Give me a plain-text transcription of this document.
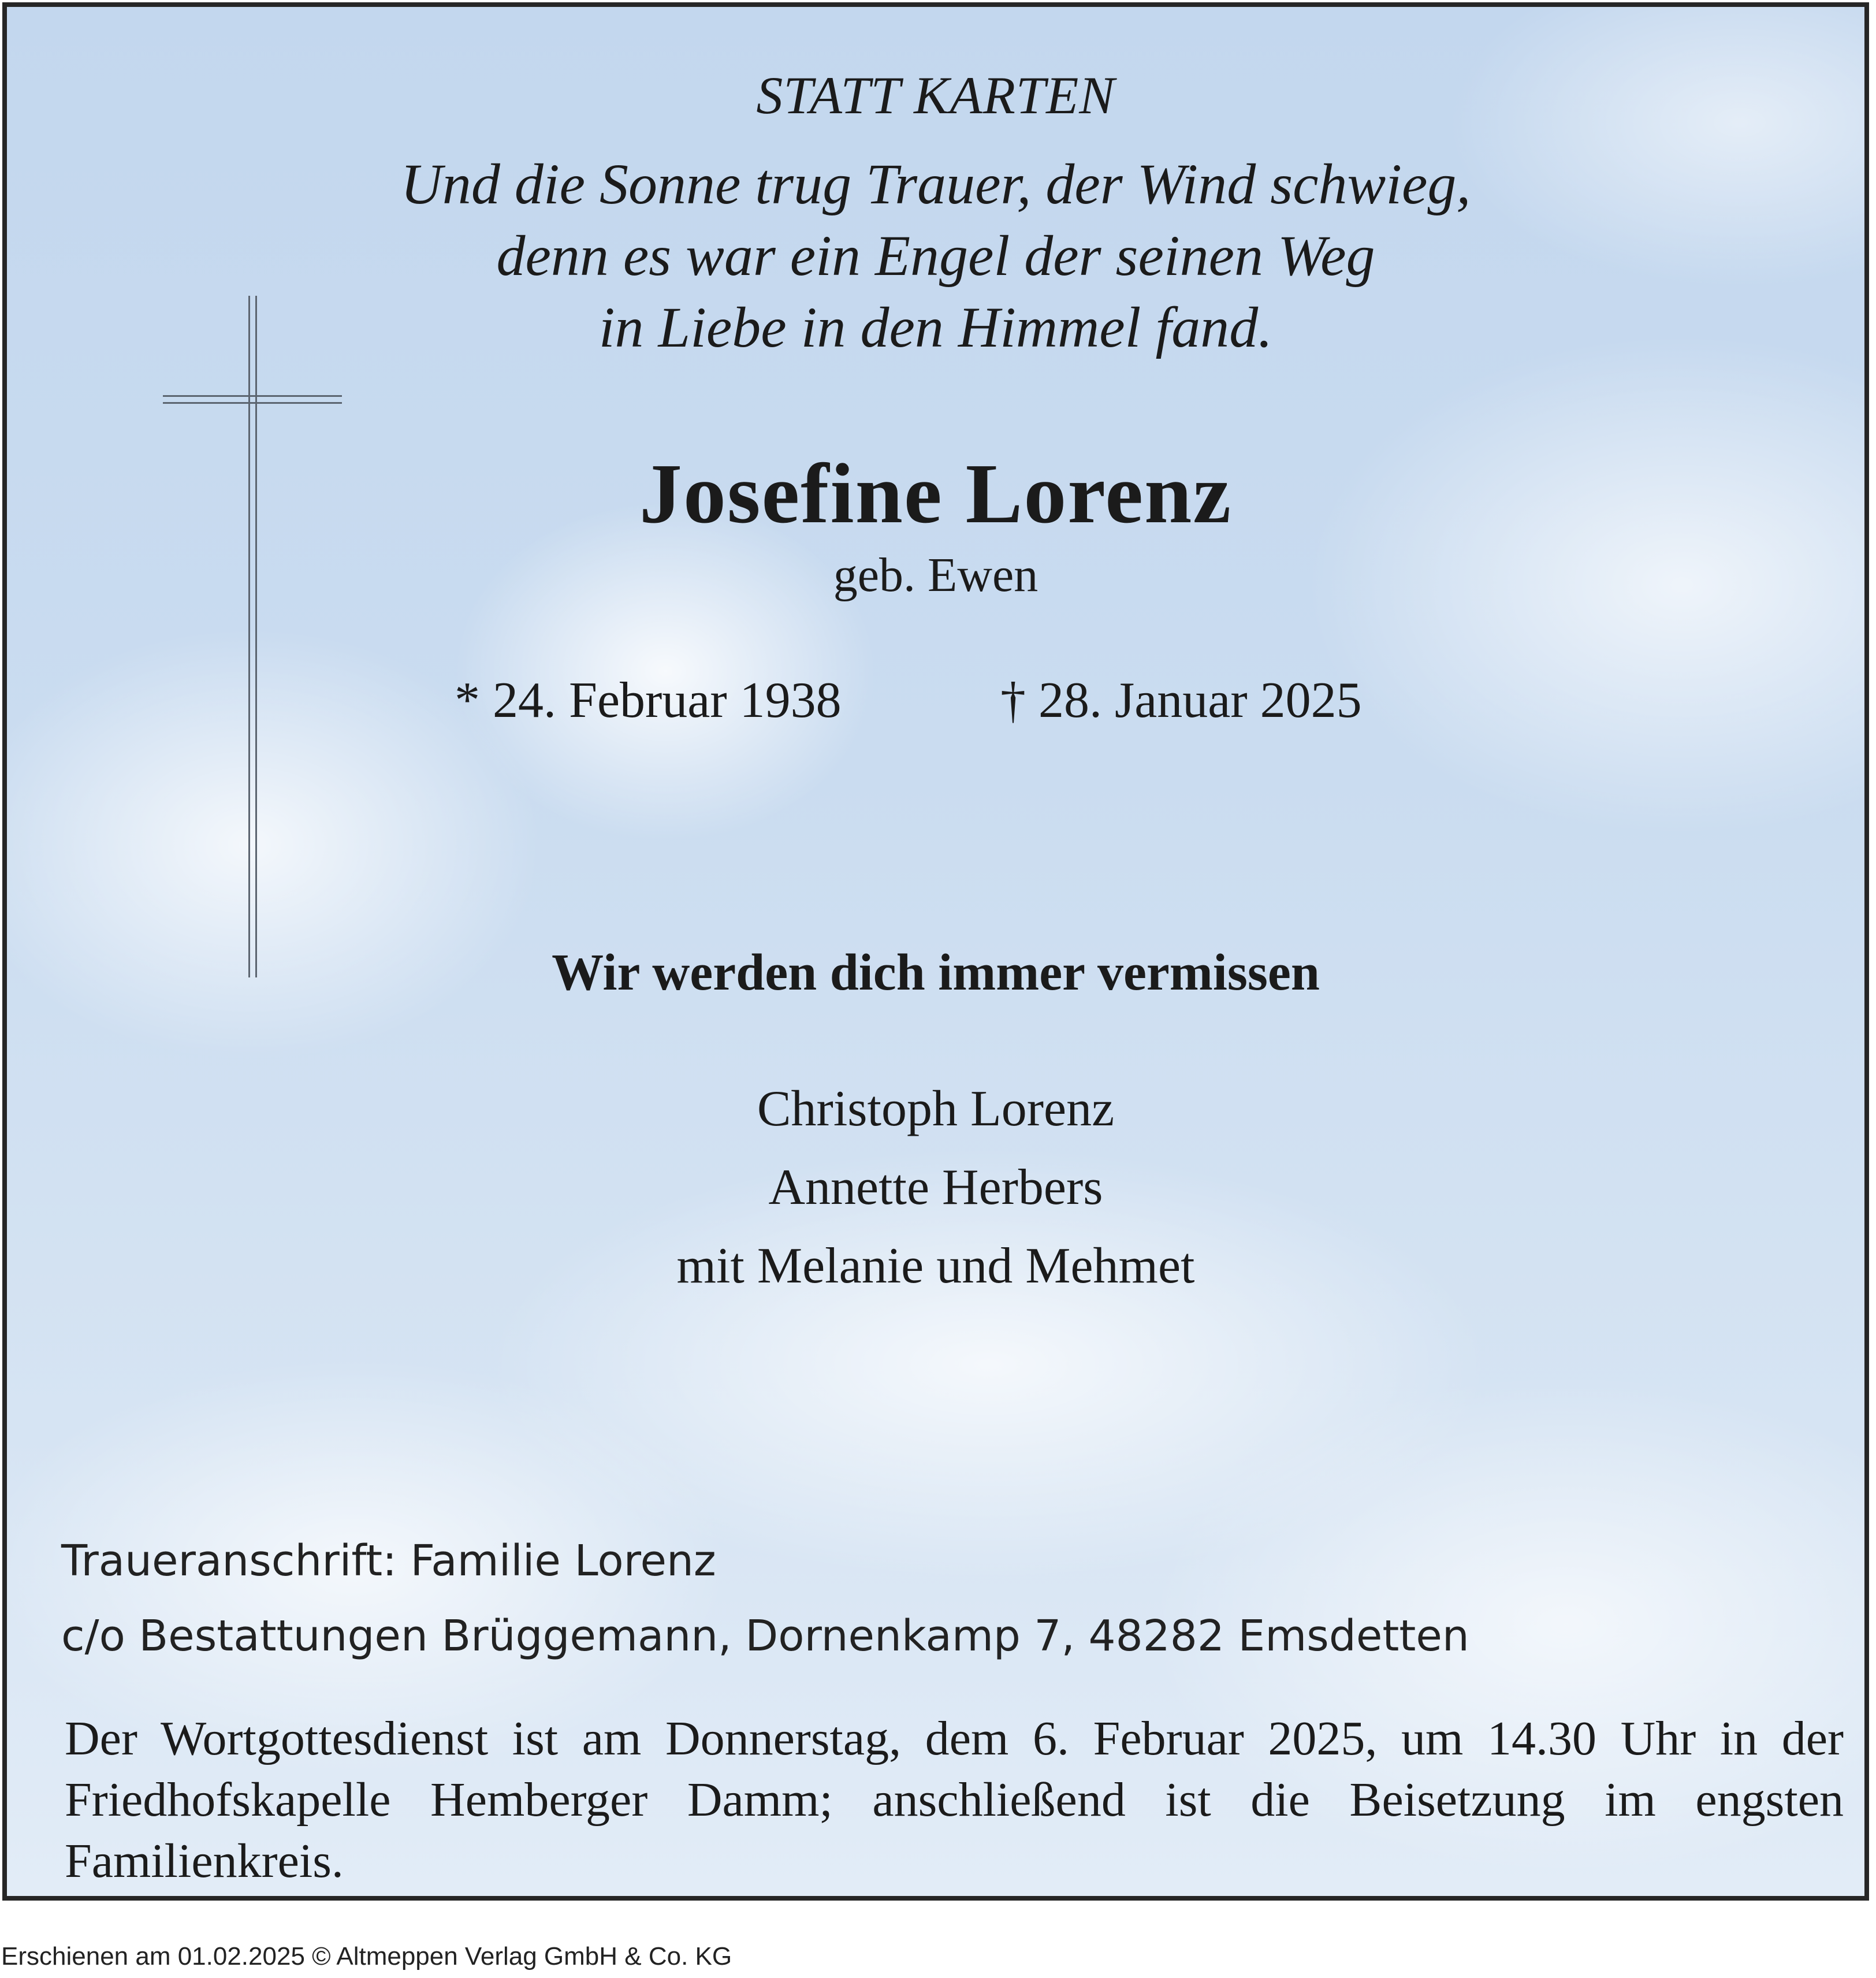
STATT KARTEN
Und die Sonne trug Trauer, der Wind schwieg,
denn es war ein Engel der seinen Weg
in Liebe in den Himmel fand.
Josefine Lorenz
geb. Ewen
* 24. Februar 1938	† 28. Januar 2025
Wir werden dich immer vermissen
Christoph Lorenz
Annette Herbers
mit Melanie und Mehmet
Traueranschrift: Familie Lorenz
c/o Bestattungen Brüggemann, Dornenkamp 7, 48282 Emsdetten
Der Wortgottesdienst ist am Donnerstag, dem 6. Februar 2025, um 14.30 Uhr in der Friedhofskapelle Hemberger Damm; anschließend ist die Beisetzung im engsten Familienkreis.
Erschienen am 01.02.2025 © Altmeppen Verlag GmbH & Co. KG
